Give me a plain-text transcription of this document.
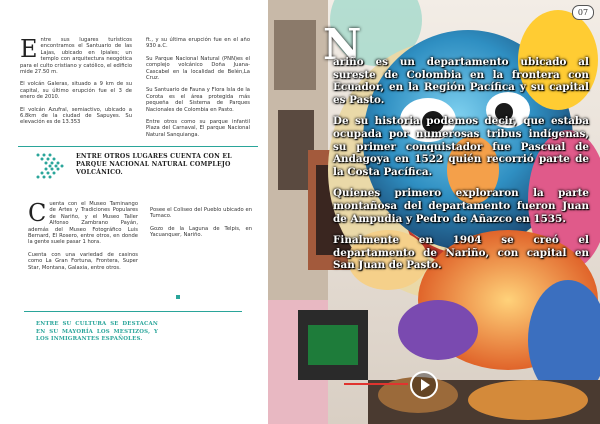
Entre sus lugares turísticos encontramos el Santuario de las Lajas, ubicado en Ipiales; un templo con arquitectura neogótica para el culto cristiano y católico, el edificio mide 27.50 m.

El volcán Galeras, situado a 9 km de su capital, su último erupción fue el 3 de enero de 2010.

El volcán Azufral, semiactivo, ubicado a 6.8km de la ciudad de Sapuyes. Su elevación es de 13.353

ft., y su última erupción fue en el año 930 a.C.

Su Parque Nacional Natural (PNN)es el complejo volcánico Doña Juana-Cascabel en la localidad de Belén,La Cruz.

Su Santuario de Fauna y Flora Isla de la Corota es el área protegida más pequeña del Sistema de Parques Nacionales de Colombia en Pasto.

Entre otros como su parque infantil Plaza del Carnaval, El parque Nacional Natural Sanquianga.

ENTRE OTROS LUGARES CUENTA CON EL PARQUE NACIONAL NATURAL COMPLEJO VOLCÁNICO.

Cuenta con el Museo Taminango de Artes y Tradiciones Populares de Nariño, y el Museo Taller Alfonso Zambrano Payán, además del Museo Fotográfico Luis Bernard, El Rosero, entre otros, en donde la gente suele pasar 1 hora.

Cuenta con una variedad de casinos como La Gran Fortuna, Frontera, Super Star, Montana, Galaxia, entre otros.

Posee el Coliseo del Pueblo ubicado en Tumaco.

Gozo de la Laguna de Telpis, en Yacuanquer, Nariño.

ENTRE SU CULTURA SE DESTACAN EN SU MAYORÍA LOS MESTIZOS, Y LOS INMIGRANTES ESPAÑOLES.
07
N

ariño es un departamento ubicado al sureste de Colombia en la frontera con Ecuador, en la Región Pacífica y su capital es Pasto.

De su historia podemos decir, que estaba ocupada por numerosas tribus indígenas, su primer conquistador fue Pascual de Andagoya en 1522 quién recorrió parte de la Costa Pacífica.

Quienes primero exploraron la parte montañosa del departamento fueron Juan de Ampudia y Pedro de Añazco en 1535.

Finalmente en 1904 se creó el departamento de Nariño, con capital en San Juan de Pasto.
